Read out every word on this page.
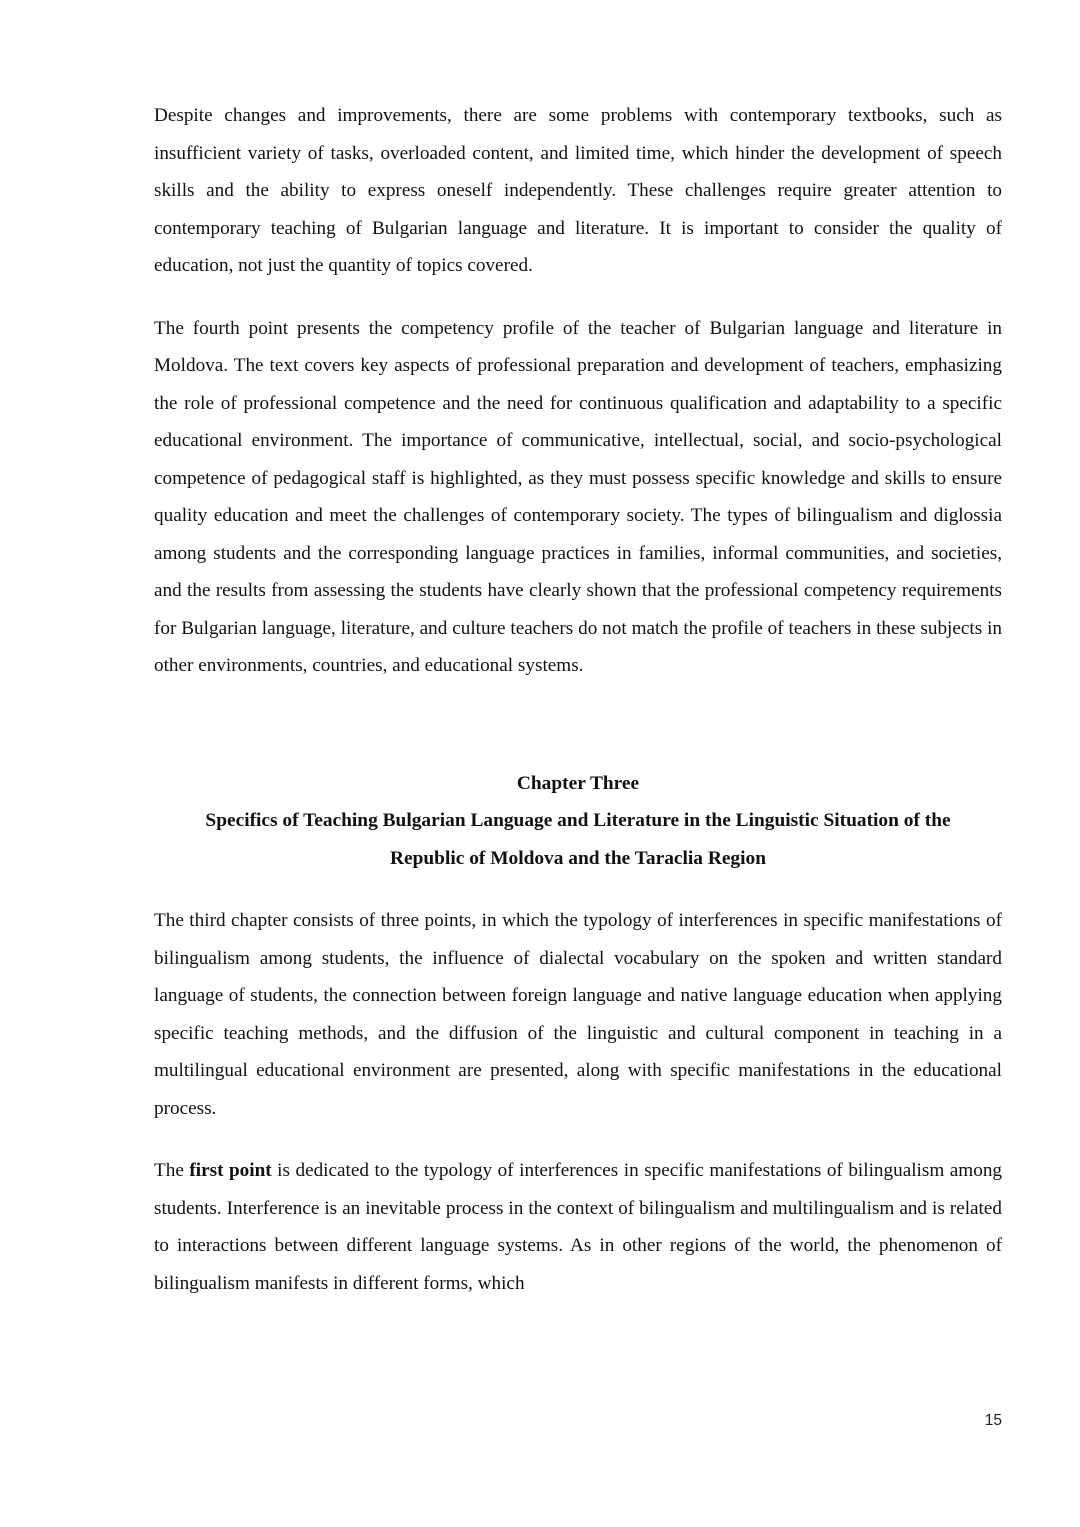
Despite changes and improvements, there are some problems with contemporary textbooks, such as insufficient variety of tasks, overloaded content, and limited time, which hinder the development of speech skills and the ability to express oneself independently. These challenges require greater attention to contemporary teaching of Bulgarian language and literature. It is important to consider the quality of education, not just the quantity of topics covered.

The fourth point presents the competency profile of the teacher of Bulgarian language and literature in Moldova. The text covers key aspects of professional preparation and development of teachers, emphasizing the role of professional competence and the need for continuous qualification and adaptability to a specific educational environment. The importance of communicative, intellectual, social, and socio-psychological competence of pedagogical staff is highlighted, as they must possess specific knowledge and skills to ensure quality education and meet the challenges of contemporary society. The types of bilingualism and diglossia among students and the corresponding language practices in families, informal communities, and societies, and the results from assessing the students have clearly shown that the professional competency requirements for Bulgarian language, literature, and culture teachers do not match the profile of teachers in these subjects in other environments, countries, and educational systems.

Chapter Three

Specifics of Teaching Bulgarian Language and Literature in the Linguistic Situation of the

Republic of Moldova and the Taraclia Region

The third chapter consists of three points, in which the typology of interferences in specific manifestations of bilingualism among students, the influence of dialectal vocabulary on the spoken and written standard language of students, the connection between foreign language and native language education when applying specific teaching methods, and the diffusion of the linguistic and cultural component in teaching in a multilingual educational environment are presented, along with specific manifestations in the educational process.

The first point is dedicated to the typology of interferences in specific manifestations of bilingualism among students. Interference is an inevitable process in the context of bilingualism and multilingualism and is related to interactions between different language systems. As in other regions of the world, the phenomenon of bilingualism manifests in different forms, which

15
